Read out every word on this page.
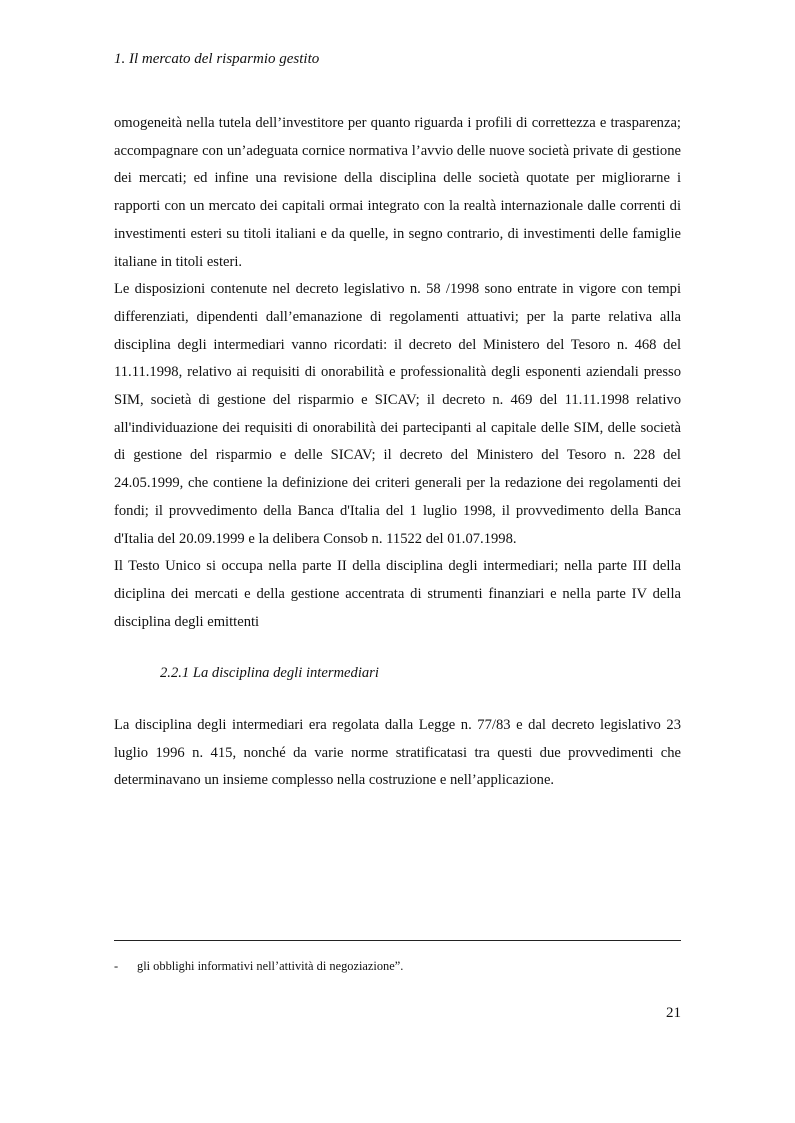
1. Il mercato del risparmio gestito

omogeneità nella tutela dell’investitore per quanto riguarda i profili di correttezza e trasparenza; accompagnare con un’adeguata cornice normativa l’avvio delle nuove società private di gestione dei mercati; ed infine una revisione della disciplina delle società quotate per migliorarne i rapporti con un mercato dei capitali ormai integrato con la realtà internazionale dalle correnti di investimenti esteri su titoli italiani e da quelle, in segno contrario, di investimenti delle famiglie italiane in titoli esteri.

Le disposizioni contenute nel decreto legislativo n. 58 /1998 sono entrate in vigore con tempi differenziati, dipendenti dall’emanazione di regolamenti attuativi; per la parte relativa alla disciplina degli intermediari vanno ricordati: il decreto del Ministero del Tesoro n. 468 del 11.11.1998, relativo ai requisiti di onorabilità e professionalità degli esponenti aziendali presso SIM, società di gestione del risparmio e SICAV; il decreto n. 469 del 11.11.1998 relativo all'individuazione dei requisiti di onorabilità dei partecipanti al capitale delle SIM, delle società di gestione del risparmio e delle SICAV; il decreto del Ministero del Tesoro n. 228 del 24.05.1999, che contiene la definizione dei criteri generali per la redazione dei regolamenti dei fondi; il provvedimento della Banca d'Italia del 1 luglio 1998, il provvedimento della Banca d'Italia del 20.09.1999 e la delibera Consob n. 11522 del 01.07.1998.

Il Testo Unico si occupa nella parte II della disciplina degli intermediari; nella parte III della diciplina dei mercati e della gestione accentrata di strumenti finanziari e nella parte IV della disciplina degli emittenti

2.2.1 La disciplina degli intermediari

La disciplina degli intermediari era regolata dalla Legge n. 77/83 e dal decreto legislativo 23 luglio 1996 n. 415, nonché da varie norme stratificatasi tra questi due provvedimenti che determinavano un insieme complesso nella costruzione e nell’applicazione.

- gli obblighi informativi nell’attività di negoziazione”.
21
